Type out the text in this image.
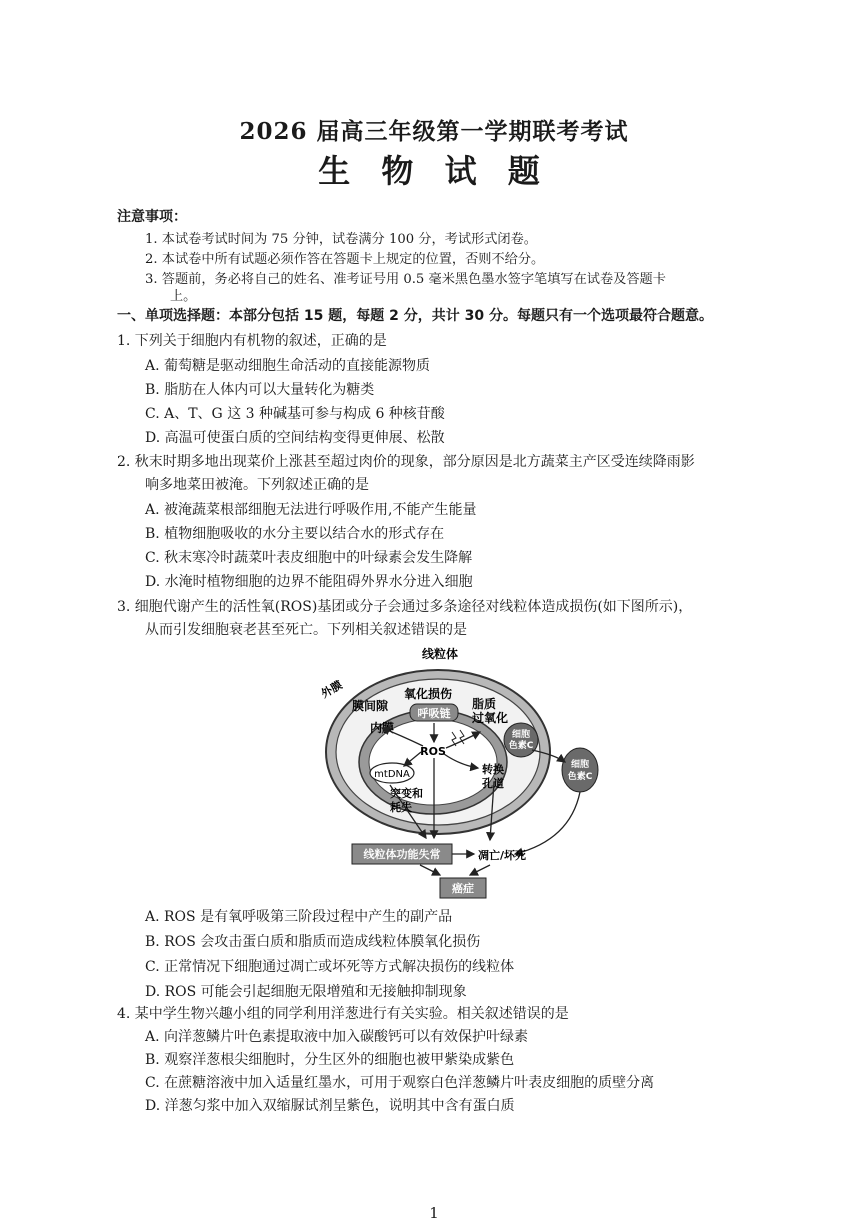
2026 届高三年级第一学期联考考试
生 物 试 题
注意事项：
1. 本试卷考试时间为 75 分钟，试卷满分 100 分，考试形式闭卷。
2. 本试卷中所有试题必须作答在答题卡上规定的位置，否则不给分。
3. 答题前，务必将自己的姓名、准考证号用 0.5 毫米黑色墨水签字笔填写在试卷及答题卡
上。
一、单项选择题：本部分包括 15 题，每题 2 分，共计 30 分。每题只有一个选项最符合题意。
1. 下列关于细胞内有机物的叙述，正确的是
A. 葡萄糖是驱动细胞生命活动的直接能源物质
B. 脂肪在人体内可以大量转化为糖类
C. A、T、G 这 3 种碱基可参与构成 6 种核苷酸
D. 高温可使蛋白质的空间结构变得更伸展、松散
2. 秋末时期多地出现菜价上涨甚至超过肉价的现象，部分原因是北方蔬菜主产区受连续降雨影
响多地菜田被淹。下列叙述正确的是
A. 被淹蔬菜根部细胞无法进行呼吸作用,不能产生能量
B. 植物细胞吸收的水分主要以结合水的形式存在
C. 秋末寒冷时蔬菜叶表皮细胞中的叶绿素会发生降解
D. 水淹时植物细胞的边界不能阻碍外界水分进入细胞
3. 细胞代谢产生的活性氧(ROS)基团或分子会通过多条途径对线粒体造成损伤(如下图所示)，
从而引发细胞衰老甚至死亡。下列相关叙述错误的是
线粒体
外膜
膜间隙
氧化损伤
内膜
脂质
过氧化
呼吸链
ROS
mtDNA
突变和
耗失
转换
孔道
细胞
色素C
细胞
色素C
线粒体功能失常	凋亡/坏死
癌症
A. ROS 是有氧呼吸第三阶段过程中产生的副产品
B. ROS 会攻击蛋白质和脂质而造成线粒体膜氧化损伤
C. 正常情况下细胞通过凋亡或坏死等方式解决损伤的线粒体
D. ROS 可能会引起细胞无限增殖和无接触抑制现象
4. 某中学生物兴趣小组的同学利用洋葱进行有关实验。相关叙述错误的是
A. 向洋葱鳞片叶色素提取液中加入碳酸钙可以有效保护叶绿素
B. 观察洋葱根尖细胞时，分生区外的细胞也被甲紫染成紫色
C. 在蔗糖溶液中加入适量红墨水，可用于观察白色洋葱鳞片叶表皮细胞的质壁分离
D. 洋葱匀浆中加入双缩脲试剂呈紫色，说明其中含有蛋白质
1
